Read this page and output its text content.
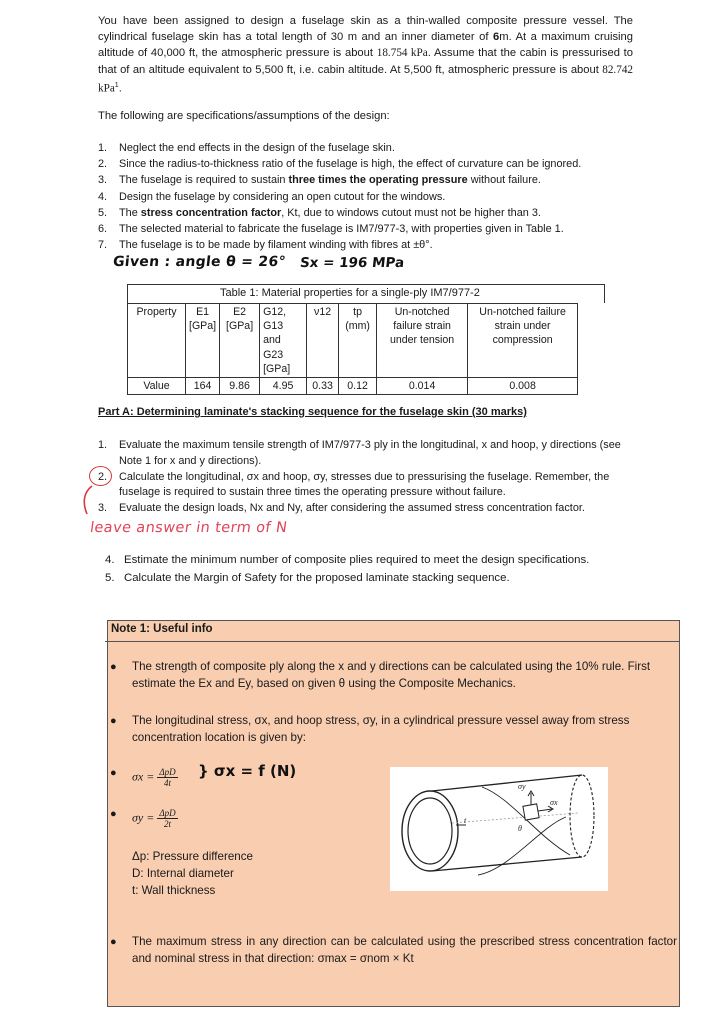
You have been assigned to design a fuselage skin as a thin-walled composite pressure vessel. The cylindrical fuselage skin has a total length of 30 m and an inner diameter of 6m. At a maximum cruising altitude of 40,000 ft, the atmospheric pressure is about 18.754 kPa. Assume that the cabin is pressurised to that of an altitude equivalent to 5,500 ft, i.e. cabin altitude. At 5,500 ft, atmospheric pressure is about 82.742 kPa$^1$.

The following are specifications/assumptions of the design:

1.	Neglect the end effects in the design of the fuselage skin.
2.	Since the radius-to-thickness ratio of the fuselage is high, the effect of curvature can be ignored.
3.	The fuselage is required to sustain three times the operating pressure without failure.
4.	Design the fuselage by considering an open cutout for the windows.
5.	The stress concentration factor, Kt, due to windows cutout must not be higher than 3.
6.	The selected material to fabricate the fuselage is IM7/977-3, with properties given in Table 1.
7.	The fuselage is to be made by filament winding with fibres at ±θ°.
Given : angle θ = 26° Sx = 196 MPa
Table 1: Material properties for a single-ply IM7/977-2
Property	E1 [GPa]	E2 [GPa]	G12, G13 and G23 [GPa]	ν12	tp (mm)	Un-notched failure strain under tension	Un-notched failure strain under compression
Value	164	9.86	4.95	0.33	0.12	0.014	0.008
Part A: Determining laminate's stacking sequence for the fuselage skin (30 marks)
1.	Evaluate the maximum tensile strength of IM7/977-3 ply in the longitudinal, x and hoop, y directions (see Note 1 for x and y directions).
2.	Calculate the longitudinal, σx and hoop, σy, stresses due to pressurising the fuselage. Remember, the fuselage is required to sustain three times the operating pressure without failure.
3.	Evaluate the design loads, Nx and Ny, after considering the assumed stress concentration factor.
leave answer in term of N
4. Estimate the minimum number of composite plies required to meet the design specifications.
5. Calculate the Margin of Safety for the proposed laminate stacking sequence.
Note 1: Useful info
● The strength of composite ply along the x and y directions can be calculated using the 10% rule. First estimate the Ex and Ey, based on given θ using the Composite Mechanics.
● The longitudinal stress, σx, and hoop stress, σy, in a cylindrical pressure vessel away from stress concentration location is given by:
● $\sigma x = \frac{\text{ΔpD}}{4t}$ } σx = f (N)
● $\sigma y = \frac{\text{ΔpD}}{2t}$
Δp: Pressure difference
D: Internal diameter
t: Wall thickness
σy
σx
θ
t
● The maximum stress in any direction can be calculated using the prescribed stress concentration factor and nominal stress in that direction: σmax = σnom × Kt
